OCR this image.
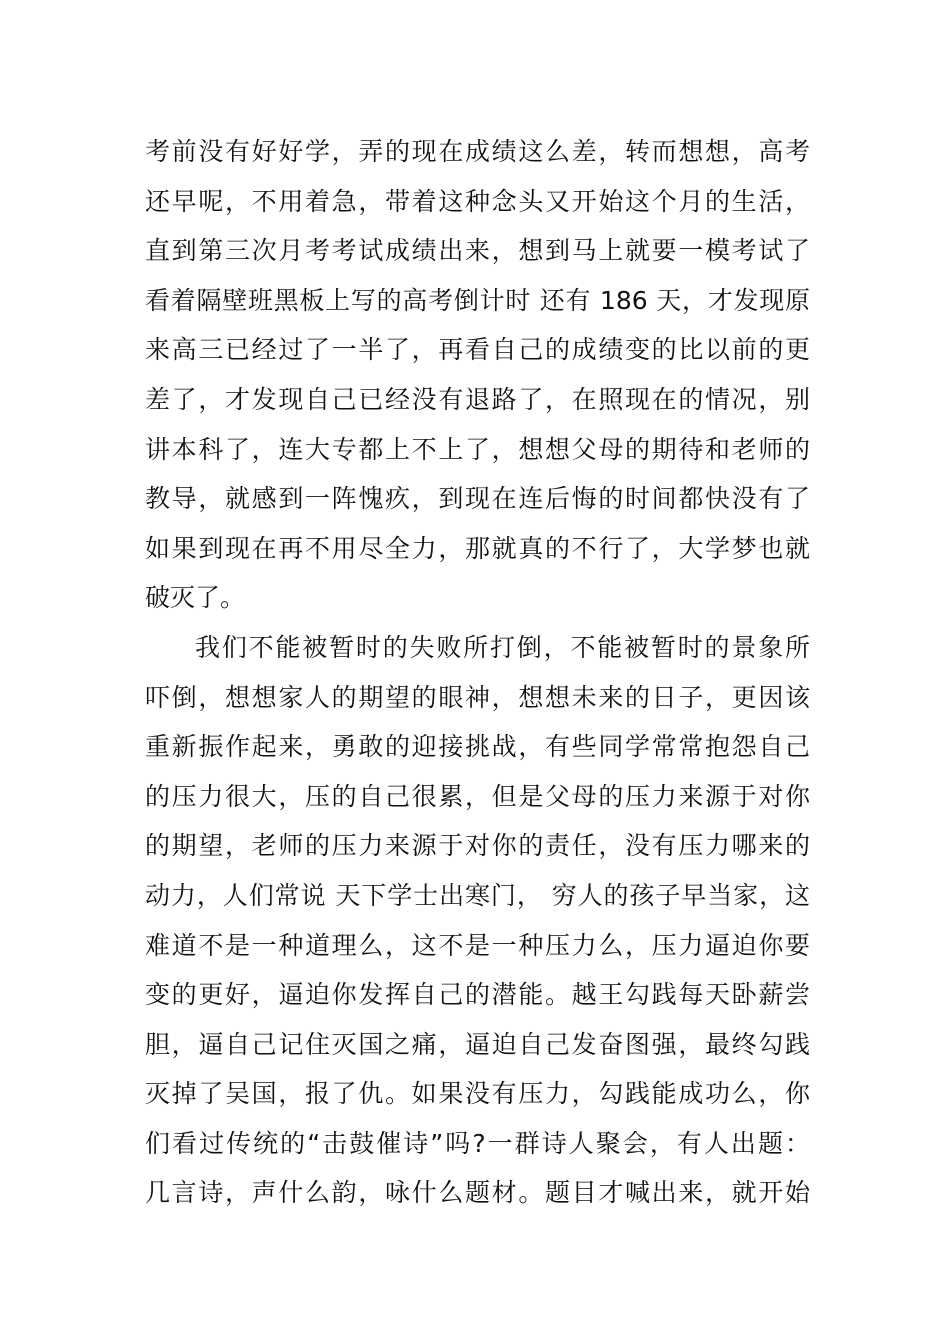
考前没有好好学，弄的现在成绩这么差，转而想想，高考
还早呢，不用着急，带着这种念头又开始这个月的生活，
直到第三次月考考试成绩出来，想到马上就要一模考试了
看着隔壁班黑板上写的高考倒计时 还有 186 天，才发现原
来高三已经过了一半了，再看自己的成绩变的比以前的更
差了，才发现自己已经没有退路了，在照现在的情况，别
讲本科了，连大专都上不上了，想想父母的期待和老师的
教导，就感到一阵愧疚，到现在连后悔的时间都快没有了
如果到现在再不用尽全力，那就真的不行了，大学梦也就
破灭了。
我们不能被暂时的失败所打倒，不能被暂时的景象所
吓倒，想想家人的期望的眼神，想想未来的日子，更因该
重新振作起来，勇敢的迎接挑战，有些同学常常抱怨自己
的压力很大，压的自己很累，但是父母的压力来源于对你
的期望，老师的压力来源于对你的责任，没有压力哪来的
动力，人们常说 天下学士出寒门， 穷人的孩子早当家，这
难道不是一种道理么，这不是一种压力么，压力逼迫你要
变的更好，逼迫你发挥自己的潜能。越王勾践每天卧薪尝
胆，逼自己记住灭国之痛，逼迫自己发奋图强，最终勾践
灭掉了吴国，报了仇。如果没有压力，勾践能成功么，你
们看过传统的“击鼓催诗”吗?一群诗人聚会，有人出题：
几言诗，声什么韵，咏什么题材。题目才喊出来，就开始
